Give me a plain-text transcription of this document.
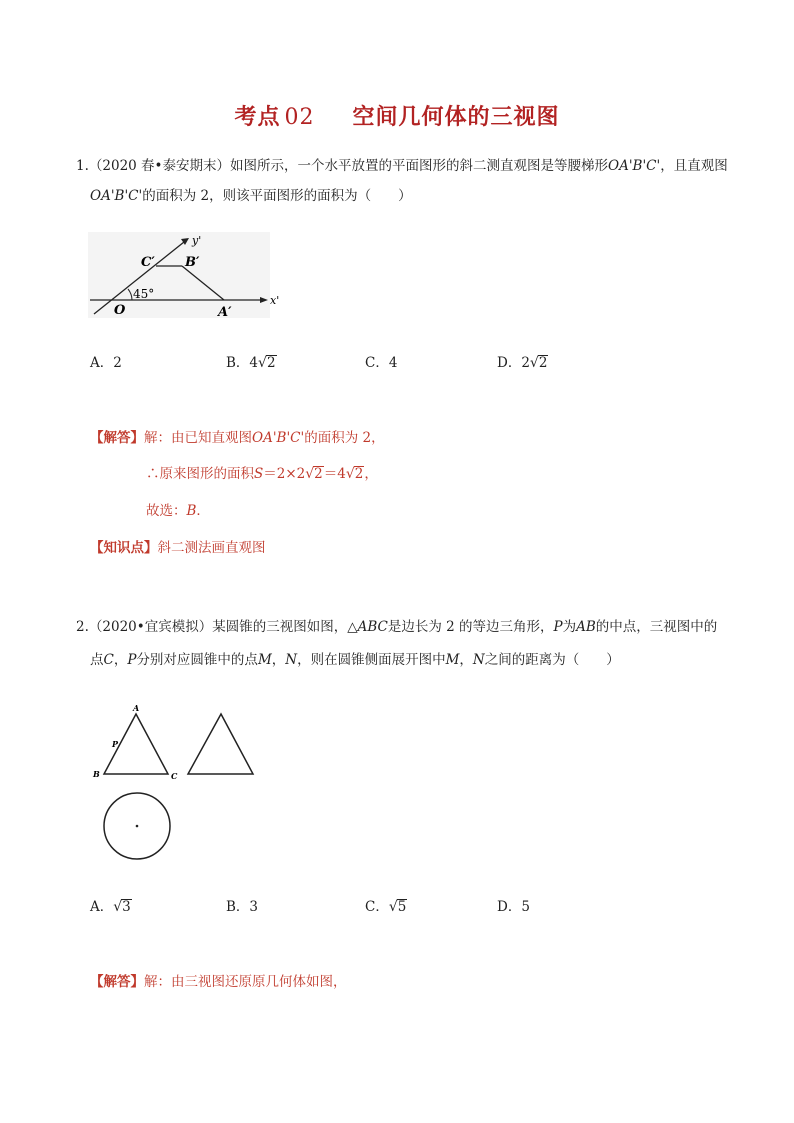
考点 02 空间几何体的三视图
1.（2020 春•泰安期末）如图所示，一个水平放置的平面图形的斜二测直观图是等腰梯形OA'B'C'，且直观图
OA'B'C'的面积为 2，则该平面图形的面积为（　　）
y'
x'
C′ B′
O	A′
45°
A．2	B．4√2	C．4	D．2√2
【解答】解：由已知直观图OA'B'C'的面积为 2，
∴原来图形的面积S＝2×2√2＝4√2，
故选：B．
【知识点】斜二测法画直观图
2.（2020•宜宾模拟）某圆锥的三视图如图，△ABC是边长为 2 的等边三角形，P为AB的中点，三视图中的
点C，P分别对应圆锥中的点M，N，则在圆锥侧面展开图中M，N之间的距离为（　　）
A
P
B	C
A．√3	B．3	C．√5	D．5
【解答】解：由三视图还原原几何体如图，
